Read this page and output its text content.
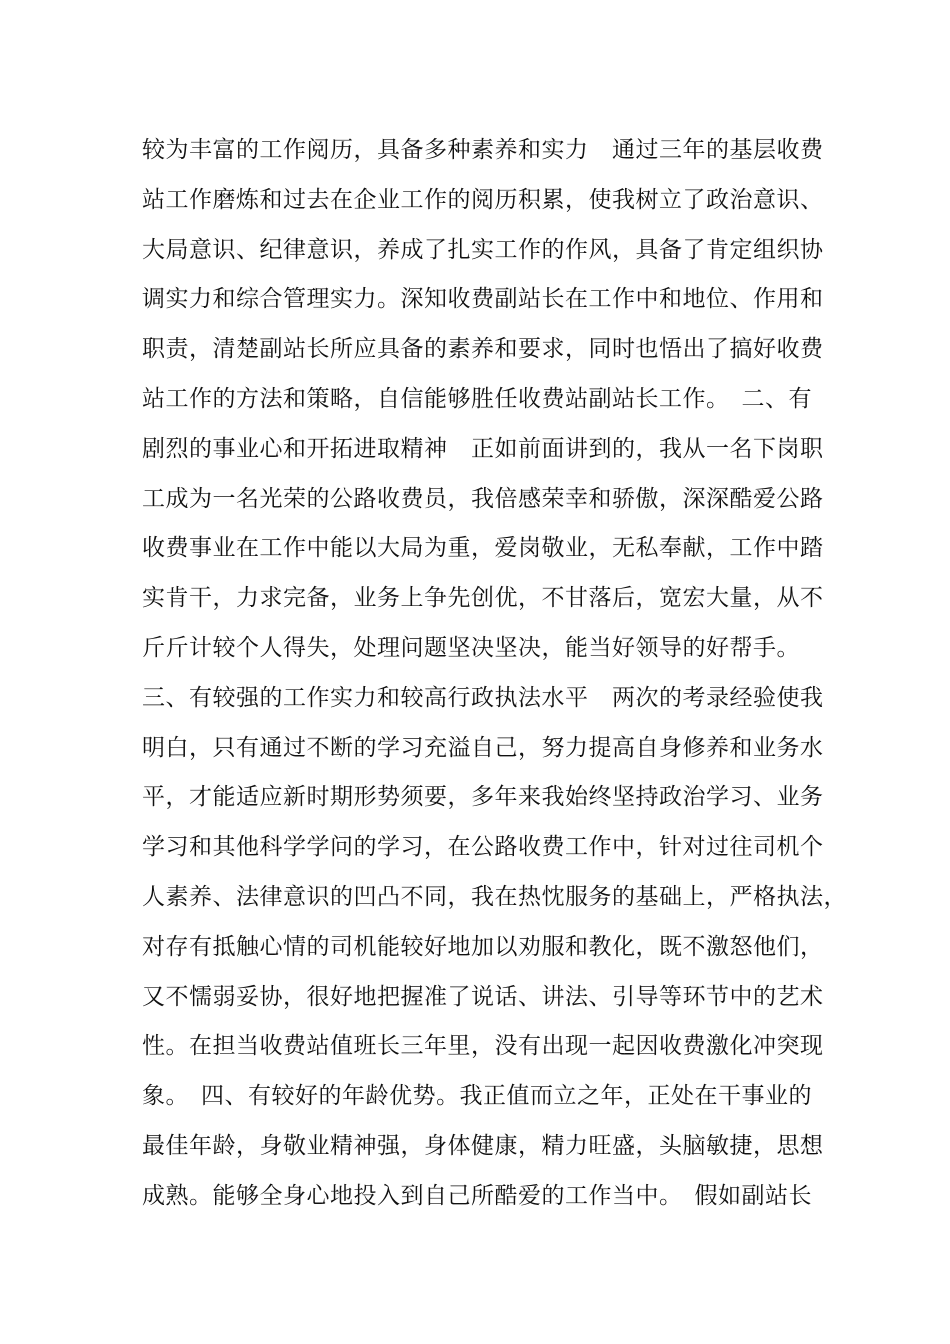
较为丰富的工作阅历，具备多种素养和实力　通过三年的基层收费
站工作磨炼和过去在企业工作的阅历积累，使我树立了政治意识、
大局意识、纪律意识，养成了扎实工作的作风，具备了肯定组织协
调实力和综合管理实力。深知收费副站长在工作中和地位、作用和
职责，清楚副站长所应具备的素养和要求，同时也悟出了搞好收费
站工作的方法和策略，自信能够胜任收费站副站长工作。　二、有
剧烈的事业心和开拓进取精神　正如前面讲到的，我从一名下岗职
工成为一名光荣的公路收费员，我倍感荣幸和骄傲，深深酷爱公路
收费事业在工作中能以大局为重，爱岗敬业，无私奉献，工作中踏
实肯干，力求完备，业务上争先创优，不甘落后，宽宏大量，从不
斤斤计较个人得失，处理问题坚决坚决，能当好领导的好帮手。
三、有较强的工作实力和较高行政执法水平　两次的考录经验使我
明白，只有通过不断的学习充溢自己，努力提高自身修养和业务水
平，才能适应新时期形势须要，多年来我始终坚持政治学习、业务
学习和其他科学学问的学习，在公路收费工作中，针对过往司机个
人素养、法律意识的凹凸不同，我在热忱服务的基础上，严格执法，
对存有抵触心情的司机能较好地加以劝服和教化，既不激怒他们，
又不懦弱妥协，很好地把握准了说话、讲法、引导等环节中的艺术
性。在担当收费站值班长三年里，没有出现一起因收费激化冲突现
象。　四、有较好的年龄优势。我正值而立之年，正处在干事业的
最佳年龄，身敬业精神强，身体健康，精力旺盛，头脑敏捷，思想
成熟。能够全身心地投入到自己所酷爱的工作当中。　假如副站长
